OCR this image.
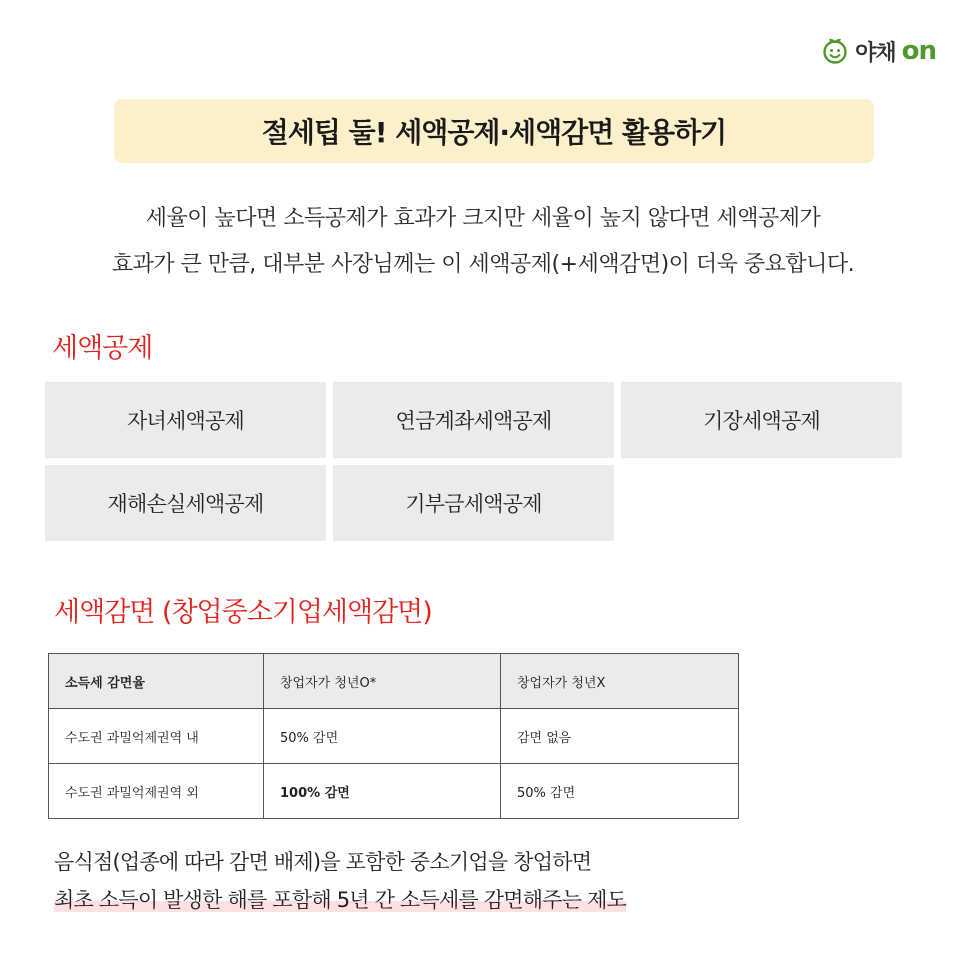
야채 on
절세팁 둘! 세액공제·세액감면 활용하기

세율이 높다면 소득공제가 효과가 크지만 세율이 높지 않다면 세액공제가

효과가 큰 만큼, 대부분 사장님께는 이 세액공제(+세액감면)이 더욱 중요합니다.

세액공제
자녀세액공제	연금계좌세액공제	기장세액공제
재해손실세액공제	기부금세액공제
세액감면 (창업중소기업세액감면)
소득세 감면율	창업자가 청년O*	창업자가 청년X
수도권 과밀억제권역 내	50% 감면	감면 없음
수도권 과밀억제권역 외	100% 감면	50% 감면

음식점(업종에 따라 감면 배제)을 포함한 중소기업을 창업하면

최초 소득이 발생한 해를 포함해 5년 간 소득세를 감면해주는 제도
